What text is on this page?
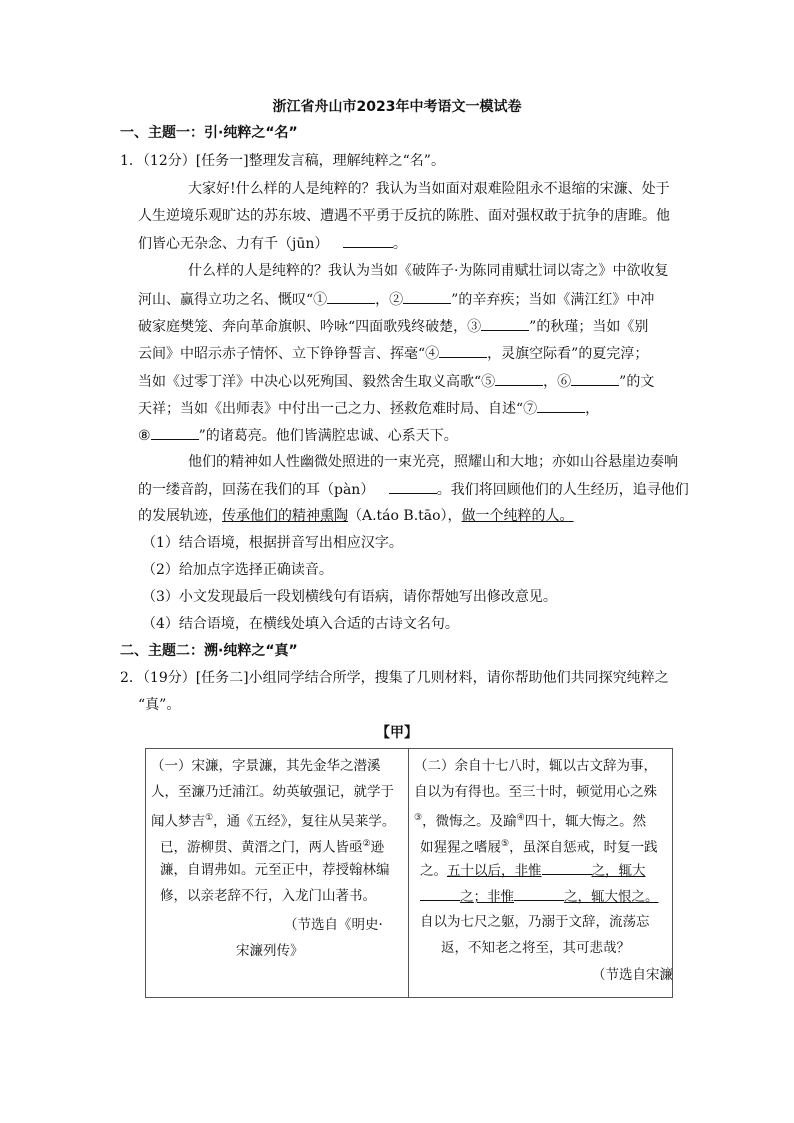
浙江省舟山市2023年中考语文一模试卷
一、主题一：引·纯粹之“名”
1．（12分）[任务一]整理发言稿，理解纯粹之“名”。
大家好!什么样的人是纯粹的？我认为当如面对艰难险阻永不退缩的宋濂、处于
人生逆境乐观旷达的苏东坡、遭遇不平勇于反抗的陈胜、面对强权敢于抗争的唐雎。他
们皆心无杂念、力有千（jūn）	。
什么样的人是纯粹的？我认为当如《破阵子·为陈同甫赋壮词以寄之》中欲收复
河山、赢得立功之名、慨叹“①	，②	”的辛弃疾；当如《满江红》中冲
破家庭樊笼、奔向革命旗帜、吟咏“四面歌残终破楚，③	”的秋瑾；当如《别
云间》中昭示赤子情怀、立下铮铮誓言、挥毫“④	，灵旗空际看”的夏完淳；
当如《过零丁洋》中决心以死殉国、毅然舍生取义高歌“⑤	，⑥	”的文
天祥；当如《出师表》中付出一己之力、拯救危难时局、自述“⑦	，
⑧	”的诸葛亮。他们皆满腔忠诚、心系天下。
他们的精神如人性幽微处照进的一束光亮，照耀山和大地；亦如山谷悬崖边奏响
的一缕音韵，回荡在我们的耳（pàn）	。我们将回顾他们的人生经历，追寻他们
的发展轨迹，传承他们的精神熏陶（A.táo B.tāo），做一个纯粹的人。
（1）结合语境，根据拼音写出相应汉字。
（2）给加点字选择正确读音。
（3）小文发现最后一段划横线句有语病，请你帮她写出修改意见。
（4）结合语境，在横线处填入合适的古诗文名句。
二、主题二：溯·纯粹之“真”
2．（19分）[任务二]小组同学结合所学，搜集了几则材料，请你帮助他们共同探究纯粹之
“真”。
【甲】
（一）宋濂，字景濂，其先金华之潜溪
人，至濂乃迁浦江。幼英敏强记，就学于
闻人梦吉①，通《五经》，复往从吴莱学。
已，游柳贯、黄溍之门，两人皆亟②逊
濂，自谓弗如。元至正中，荐授翰林编
修，以亲老辞不行，入龙门山著书。
（节选自《明史·
宋濂列传》
（二）余自十七八时，辄以古文辞为事，
自以为有得也。至三十时，顿觉用心之殊
③，微悔之。及踰④四十，辄大悔之。然
如猩猩之嗜屐⑤，虽深自惩戒，时复一践
之。五十以后，非惟	之，辄大
之；非惟	之，辄大恨之。
自以为七尺之躯，乃溺于文辞，流荡忘
返，不知老之将至，其可悲哉？
（节选自宋濂
